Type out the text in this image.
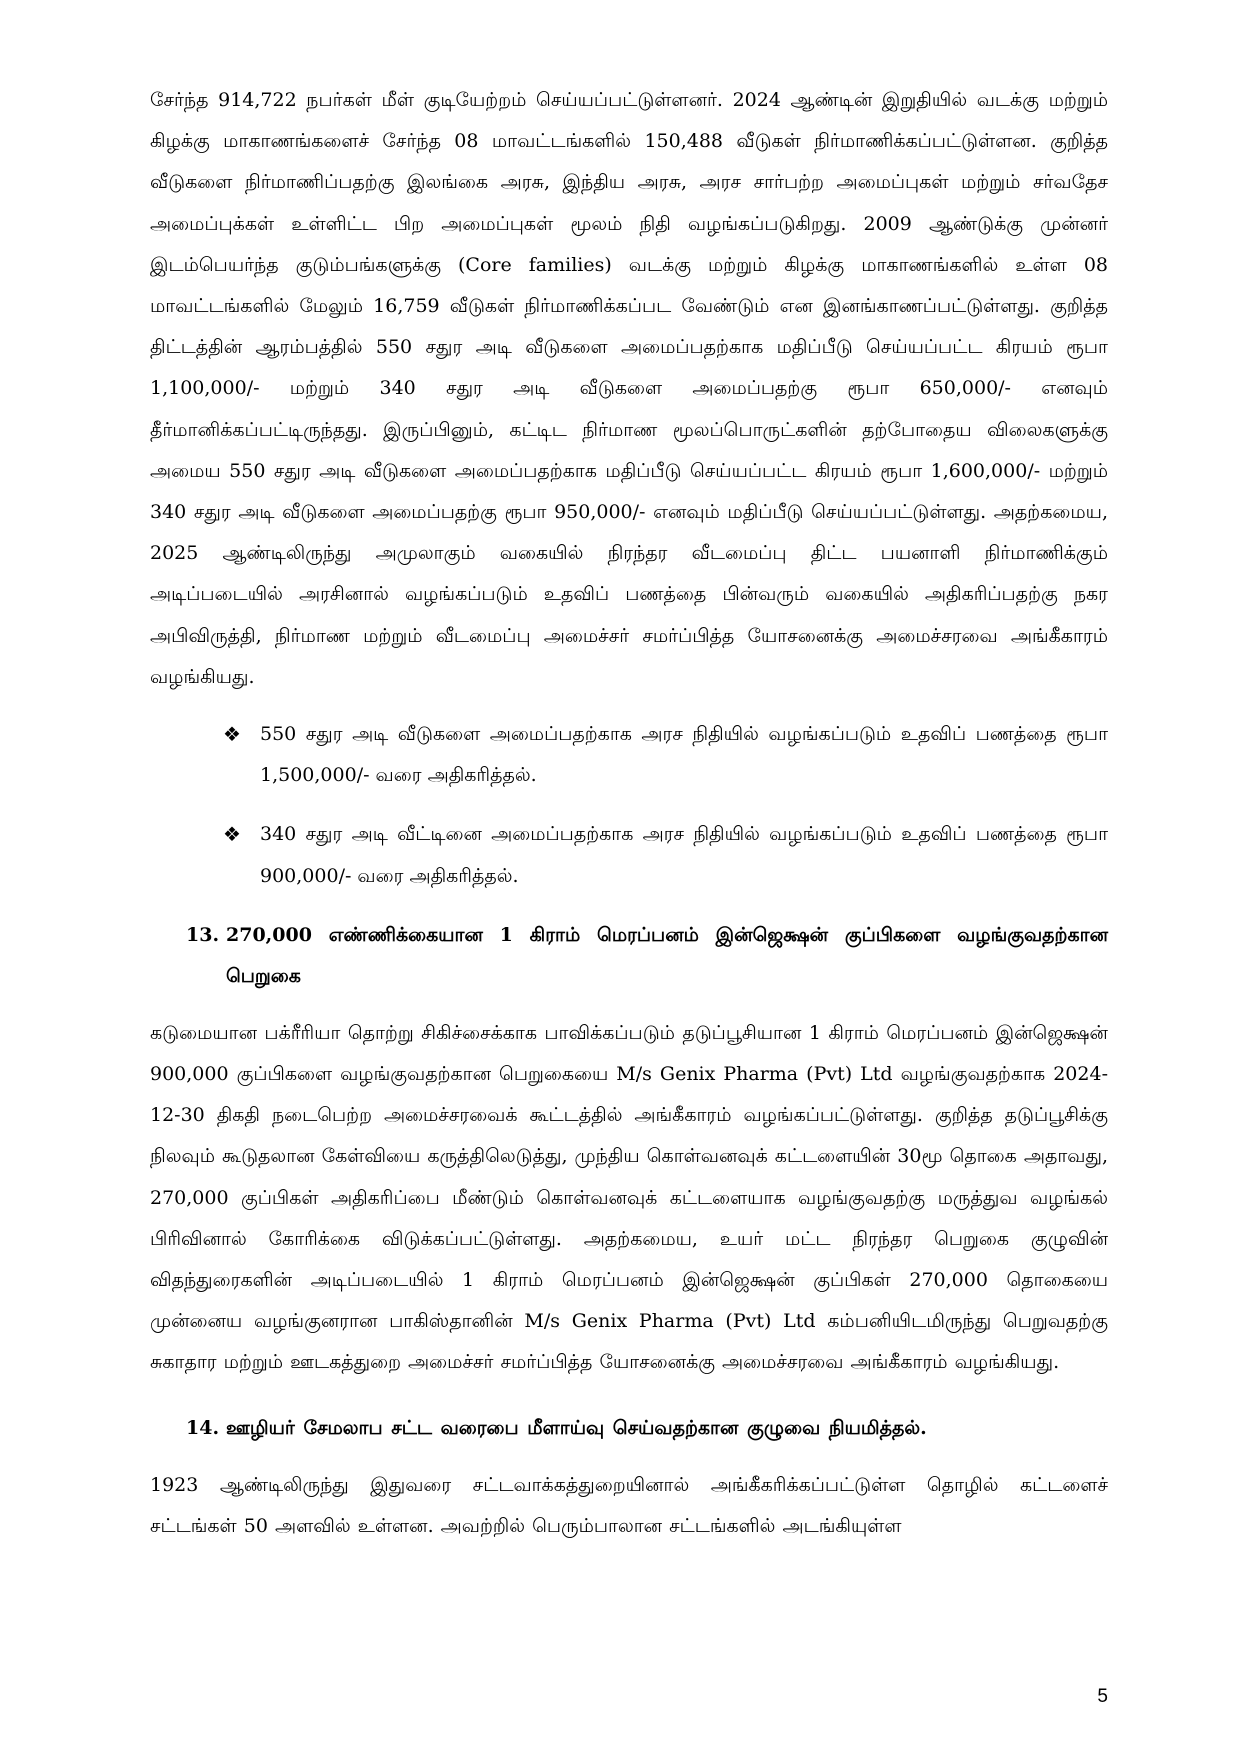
சேர்ந்த 914,722 நபர்கள் மீள் குடியேற்றம் செய்யப்பட்டுள்ளனர். 2024 ஆண்டின் இறுதியில் வடக்கு மற்றும் கிழக்கு மாகாணங்களைச் சேர்ந்த 08 மாவட்டங்களில் 150,488 வீடுகள் நிர்மாணிக்கப்பட்டுள்ளன. குறித்த வீடுகளை நிர்மாணிப்பதற்கு இலங்கை அரசு, இந்திய அரசு, அரச சார்பற்ற அமைப்புகள் மற்றும் சர்வதேச அமைப்புக்கள் உள்ளிட்ட பிற அமைப்புகள் மூலம் நிதி வழங்கப்படுகிறது. 2009 ஆண்டுக்கு முன்னர் இடம்பெயர்ந்த குடும்பங்களுக்கு (Core families) வடக்கு மற்றும் கிழக்கு மாகாணங்களில் உள்ள 08 மாவட்டங்களில் மேலும் 16,759 வீடுகள் நிர்மாணிக்கப்பட வேண்டும் என இனங்காணப்பட்டுள்ளது. குறித்த திட்டத்தின் ஆரம்பத்தில் 550 சதுர அடி வீடுகளை அமைப்பதற்காக மதிப்பீடு செய்யப்பட்ட கிரயம் ரூபா 1,100,000/- மற்றும் 340 சதுர அடி வீடுகளை அமைப்பதற்கு ரூபா 650,000/- எனவும் தீர்மானிக்கப்பட்டிருந்தது. இருப்பினும், கட்டிட நிர்மாண மூலப்பொருட்களின் தற்போதைய விலைகளுக்கு அமைய 550 சதுர அடி வீடுகளை அமைப்பதற்காக மதிப்பீடு செய்யப்பட்ட கிரயம் ரூபா 1,600,000/- மற்றும் 340 சதுர அடி வீடுகளை அமைப்பதற்கு ரூபா 950,000/- எனவும் மதிப்பீடு செய்யப்பட்டுள்ளது. அதற்கமைய, 2025 ஆண்டிலிருந்து அமுலாகும் வகையில் நிரந்தர வீடமைப்பு திட்ட பயனாளி நிர்மாணிக்கும் அடிப்படையில் அரசினால் வழங்கப்படும் உதவிப் பணத்தை பின்வரும் வகையில் அதிகரிப்பதற்கு நகர அபிவிருத்தி, நிர்மாண மற்றும் வீடமைப்பு அமைச்சர் சமர்ப்பித்த யோசனைக்கு அமைச்சரவை அங்கீகாரம் வழங்கியது.

❖ 550 சதுர அடி வீடுகளை அமைப்பதற்காக அரச நிதியில் வழங்கப்படும் உதவிப் பணத்தை ரூபா 1,500,000/- வரை அதிகரித்தல்.
❖ 340 சதுர அடி வீட்டினை அமைப்பதற்காக அரச நிதியில் வழங்கப்படும் உதவிப் பணத்தை ரூபா 900,000/- வரை அதிகரித்தல்.
13. 270,000 எண்ணிக்கையான 1 கிராம் மெரப்பனம் இன்ஜெக்ஷன் குப்பிகளை வழங்குவதற்கான பெறுகை

கடுமையான பக்ரீரியா தொற்று சிகிச்சைக்காக பாவிக்கப்படும் தடுப்பூசியான 1 கிராம் மெரப்பனம் இன்ஜெக்ஷன் 900,000 குப்பிகளை வழங்குவதற்கான பெறுகையை M/s Genix Pharma (Pvt) Ltd வழங்குவதற்காக 2024-12-30 திகதி நடைபெற்ற அமைச்சரவைக் கூட்டத்தில் அங்கீகாரம் வழங்கப்பட்டுள்ளது. குறித்த தடுப்பூசிக்கு நிலவும் கூடுதலான கேள்வியை கருத்திலெடுத்து, முந்திய கொள்வனவுக் கட்டளையின் 30மூ தொகை அதாவது, 270,000 குப்பிகள் அதிகரிப்பை மீண்டும் கொள்வனவுக் கட்டளையாக வழங்குவதற்கு மருத்துவ வழங்கல் பிரிவினால் கோரிக்கை விடுக்கப்பட்டுள்ளது. அதற்கமைய, உயர் மட்ட நிரந்தர பெறுகை குழுவின் விதந்துரைகளின் அடிப்படையில் 1 கிராம் மெரப்பனம் இன்ஜெக்ஷன் குப்பிகள் 270,000 தொகையை முன்னைய வழங்குனரான பாகிஸ்தானின் M/s Genix Pharma (Pvt) Ltd கம்பனியிடமிருந்து பெறுவதற்கு சுகாதார மற்றும் ஊடகத்துறை அமைச்சர் சமர்ப்பித்த யோசனைக்கு அமைச்சரவை அங்கீகாரம் வழங்கியது.

14. ஊழியர் சேமலாப சட்ட வரைபை மீளாய்வு செய்வதற்கான குழுவை நியமித்தல்.

1923 ஆண்டிலிருந்து இதுவரை சட்டவாக்கத்துறையினால் அங்கீகரிக்கப்பட்டுள்ள தொழில் கட்டளைச் சட்டங்கள் 50 அளவில் உள்ளன. அவற்றில் பெரும்பாலான சட்டங்களில் அடங்கியுள்ள

5
